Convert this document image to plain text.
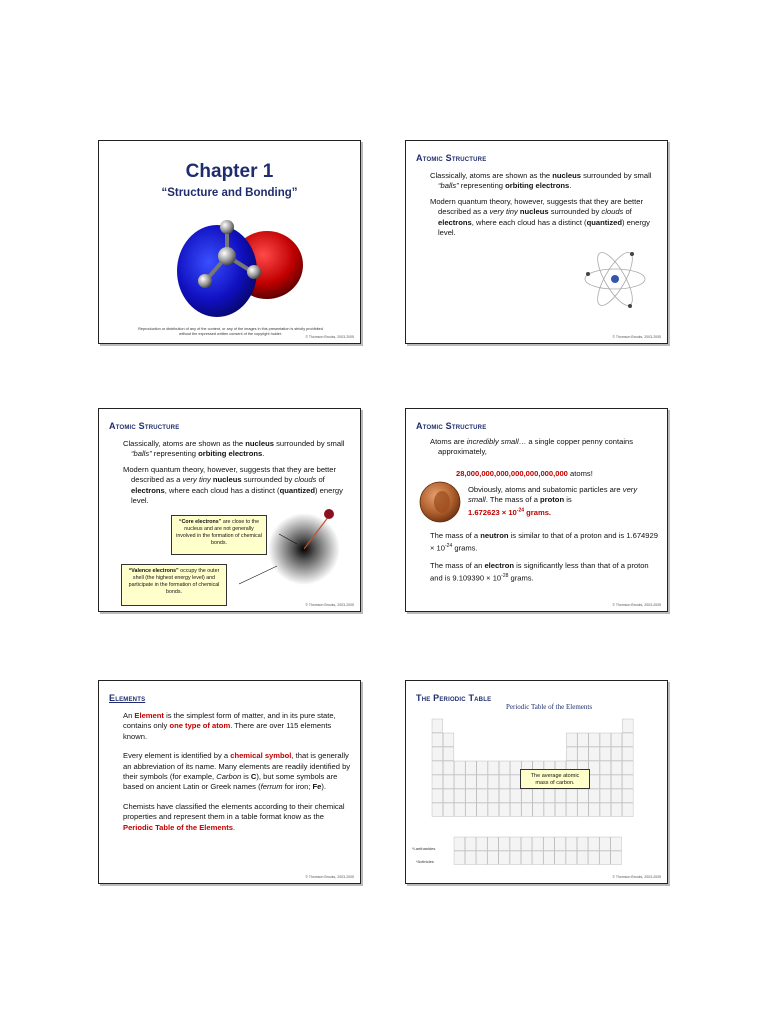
Chapter 1
“Structure and Bonding”
Reproduction or distribution of any of the content, or any of the images in this presentation is strictly prohibited
without the expressed written consent of the copyright holder.
© Thomson Brooks, 2003-2005
Atomic Structure

Classically, atoms are shown as the nucleus surrounded by small “balls” representing orbiting electrons.

Modern quantum theory, however, suggests that they are better described as a very tiny nucleus surrounded by clouds of electrons, where each cloud has a distinct (quantized) energy level.

© Thomson Brooks, 2003-2005
Atomic Structure

Classically, atoms are shown as the nucleus surrounded by small “balls” representing orbiting electrons.

Modern quantum theory, however, suggests that they are better described as a very tiny nucleus surrounded by clouds of electrons, where each cloud has a distinct (quantized) energy level.

“Core electrons” are close to the nucleus and are not generally involved in the formation of chemical bonds.
“Valence electrons” occupy the outer shell (the highest energy level) and participate in the formation of chemical bonds.
© Thomson Brooks, 2003-2005
Atomic Structure

Atoms are incredibly small… a single copper penny contains approximately,

28,000,000,000,000,000,000,000 atoms!
Obviously, atoms and subatomic particles are very small. The mass of a proton is
$1.672623 \times 10^{-24}$ grams.
The mass of a neutron is similar to that of a proton and is $1.674929 \times 10^{-24}$ grams.
The mass of an electron is significantly less than that of a proton and is $9.109390 \times 10^{-28}$ grams.
© Thomson Brooks, 2003-2005
Elements

An Element is the simplest form of matter, and in its pure state, contains only one type of atom. There are over 115 elements known.

Every element is identified by a chemical symbol, that is generally an abbreviation of its name. Many elements are readily identified by their symbols (for example, Carbon is C), but some symbols are based on ancient Latin or Greek names (ferrum for iron; Fe).

Chemists have classified the elements according to their chemical properties and represent them in a table format know as the Periodic Table of the Elements.

© Thomson Brooks, 2003-2005
The Periodic Table
Periodic Table of the Elements
*Lanthanides
*Actinides
The average atomic mass of carbon.
© Thomson Brooks, 2003-2005
